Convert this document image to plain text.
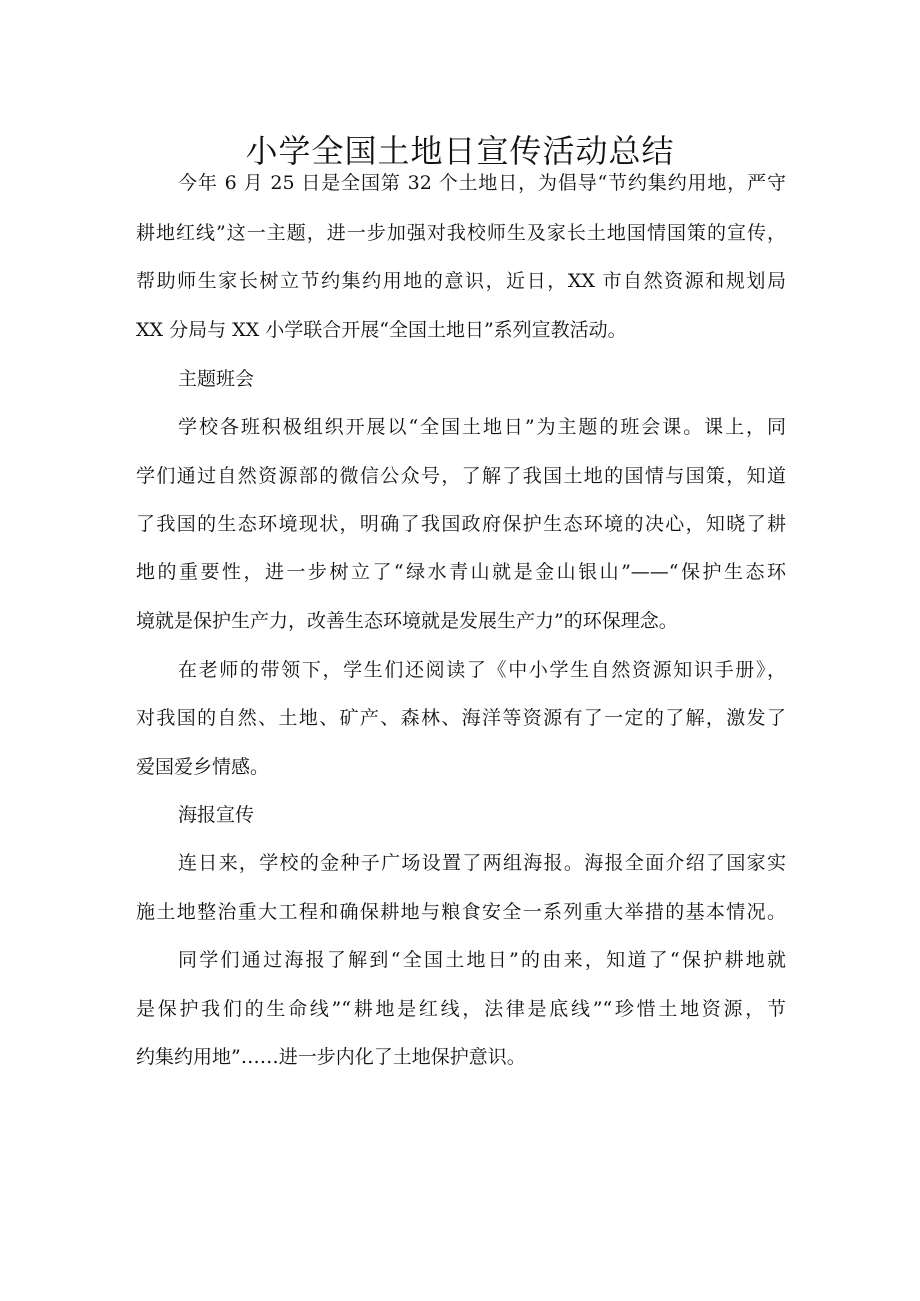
小学全国土地日宣传活动总结
今年 6 月 25 日是全国第 32 个土地日，为倡导“节约集约用地，严守
耕地红线”这一主题，进一步加强对我校师生及家长土地国情国策的宣传，
帮助师生家长树立节约集约用地的意识，近日，XX 市自然资源和规划局
XX 分局与 XX 小学联合开展“全国土地日”系列宣教活动。
主题班会
学校各班积极组织开展以“全国土地日”为主题的班会课。课上，同
学们通过自然资源部的微信公众号，了解了我国土地的国情与国策，知道
了我国的生态环境现状，明确了我国政府保护生态环境的决心，知晓了耕
地的重要性，进一步树立了“绿水青山就是金山银山”——“保护生态环
境就是保护生产力，改善生态环境就是发展生产力”的环保理念。
在老师的带领下，学生们还阅读了《中小学生自然资源知识手册》，
对我国的自然、土地、矿产、森林、海洋等资源有了一定的了解，激发了
爱国爱乡情感。
海报宣传
连日来，学校的金种子广场设置了两组海报。海报全面介绍了国家实
施土地整治重大工程和确保耕地与粮食安全一系列重大举措的基本情况。
同学们通过海报了解到“全国土地日”的由来，知道了“保护耕地就
是保护我们的生命线”“耕地是红线，法律是底线”“珍惜土地资源，节
约集约用地”……进一步内化了土地保护意识。
